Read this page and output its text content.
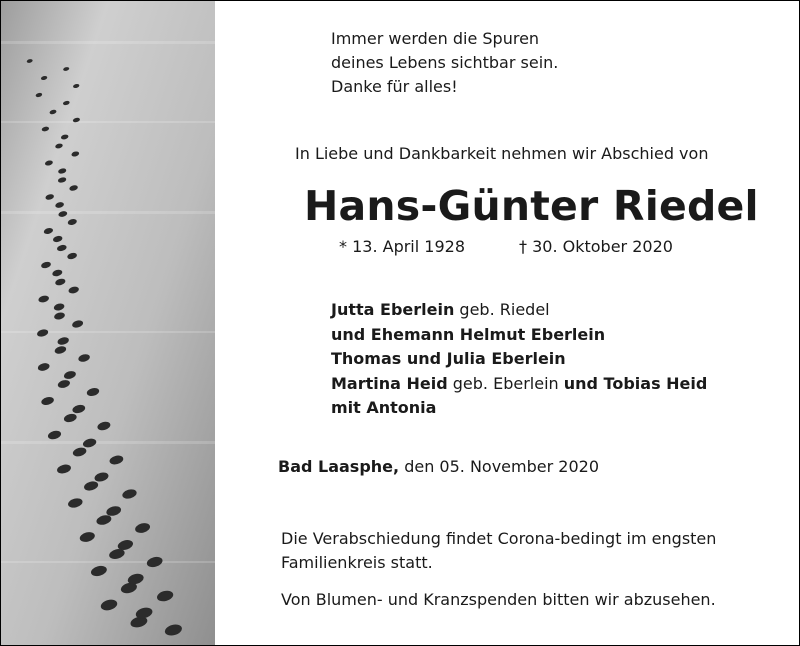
Immer werden die Spuren
deines Lebens sichtbar sein.
Danke für alles!
In Liebe und Dankbarkeit nehmen wir Abschied von
Hans-Günter Riedel
* 13. April 1928	† 30. Oktober 2020
Jutta Eberlein geb. Riedel
und Ehemann Helmut Eberlein
Thomas und Julia Eberlein
Martina Heid geb. Eberlein und Tobias Heid
mit Antonia
Bad Laasphe, den 05. November 2020
Die Verabschiedung findet Corona-bedingt im engsten
Familienkreis statt.
Von Blumen- und Kranzspenden bitten wir abzusehen.
